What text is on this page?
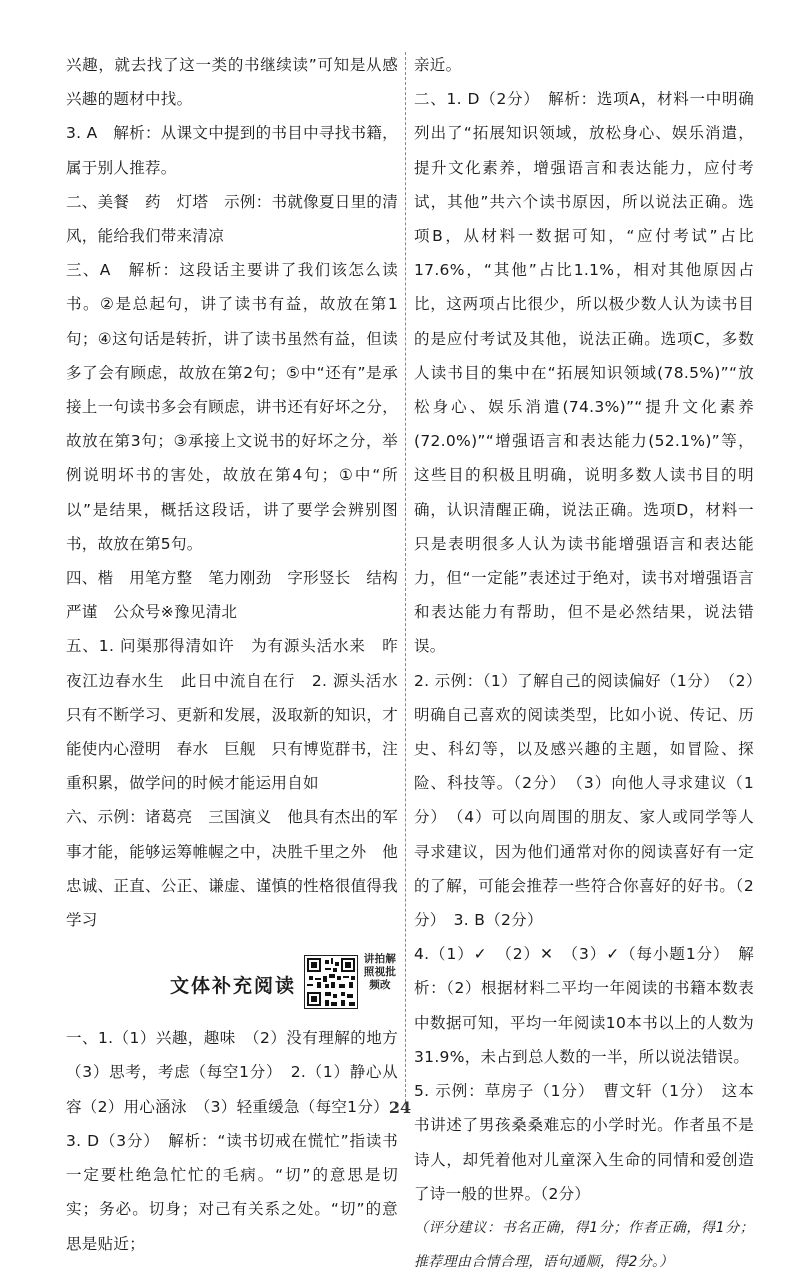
兴趣，就去找了这一类的书继续读”可知是从感兴趣的题材中找。

3. A　解析：从课文中提到的书目中寻找书籍，属于别人推荐。

二、美餐　药　灯塔　示例：书就像夏日里的清风，能给我们带来清凉

三、A　解析：这段话主要讲了我们该怎么读书。②是总起句，讲了读书有益，故放在第1句；④这句话是转折，讲了读书虽然有益，但读多了会有顾虑，故放在第2句；⑤中“还有”是承接上一句读书多会有顾虑，讲书还有好坏之分，故放在第3句；③承接上文说书的好坏之分，举例说明坏书的害处，故放在第4句；①中“所以”是结果，概括这段话，讲了要学会辨别图书，故放在第5句。

四、楷　用笔方整　笔力刚劲　字形竖长　结构严谨　公众号※豫见清北

五、1. 问渠那得清如许　为有源头活水来　昨夜江边春水生　此日中流自在行　2. 源头活水　只有不断学习、更新和发展，汲取新的知识，才能使内心澄明　春水　巨舰　只有博览群书，注重积累，做学问的时候才能运用自如

六、示例：诸葛亮　三国演义　他具有杰出的军事才能，能够运筹帷幄之中，决胜千里之外　他忠诚、正直、公正、谦虚、谨慎的性格很值得我学习

文体补充阅读
讲拍解照视批频改

一、1.（1）兴趣，趣味　（2）没有理解的地方（3）思考，考虑（每空1分）　2.（1）静心从容（2）用心涵泳　（3）轻重缓急（每空1分）

3. D（3分）　解析：“读书切戒在慌忙”指读书一定要杜绝急忙忙的毛病。“切”的意思是切实；务必。切身；对己有关系之处。“切”的意思是贴近；

亲近。

二、1. D（2分）　解析：选项A，材料一中明确列出了“拓展知识领域，放松身心、娱乐消遣，提升文化素养，增强语言和表达能力，应付考试，其他”共六个读书原因，所以说法正确。选项B，从材料一数据可知，“应付考试”占比17.6%，“其他”占比1.1%，相对其他原因占比，这两项占比很少，所以极少数人认为读书目的是应付考试及其他，说法正确。选项C，多数人读书目的集中在“拓展知识领域(78.5%)”“放松身心、娱乐消遣(74.3%)”“提升文化素养(72.0%)”“增强语言和表达能力(52.1%)”等，这些目的积极且明确，说明多数人读书目的明确，认识清醒正确，说法正确。选项D，材料一只是表明很多人认为读书能增强语言和表达能力，但“一定能”表述过于绝对，读书对增强语言和表达能力有帮助，但不是必然结果，说法错误。

2. 示例：（1）了解自己的阅读偏好（1分）　（2）明确自己喜欢的阅读类型，比如小说、传记、历史、科幻等，以及感兴趣的主题，如冒险、探险、科技等。（2分）　（3）向他人寻求建议（1分）　（4）可以向周围的朋友、家人或同学等人寻求建议，因为他们通常对你的阅读喜好有一定的了解，可能会推荐一些符合你喜好的好书。（2分）　3. B（2分）

4.（1）✓　（2）✕　（3）✓（每小题1分）　解析：（2）根据材料二平均一年阅读的书籍本数表中数据可知，平均一年阅读10本书以上的人数为31.9%，未占到总人数的一半，所以说法错误。

5. 示例：草房子（1分）　曹文轩（1分）　这本书讲述了男孩桑桑难忘的小学时光。作者虽不是诗人，却凭着他对儿童深入生命的同情和爱创造了诗一般的世界。（2分）

（评分建议：书名正确，得1分；作者正确，得1分；推荐理由合情合理，语句通顺，得2分。）

24
